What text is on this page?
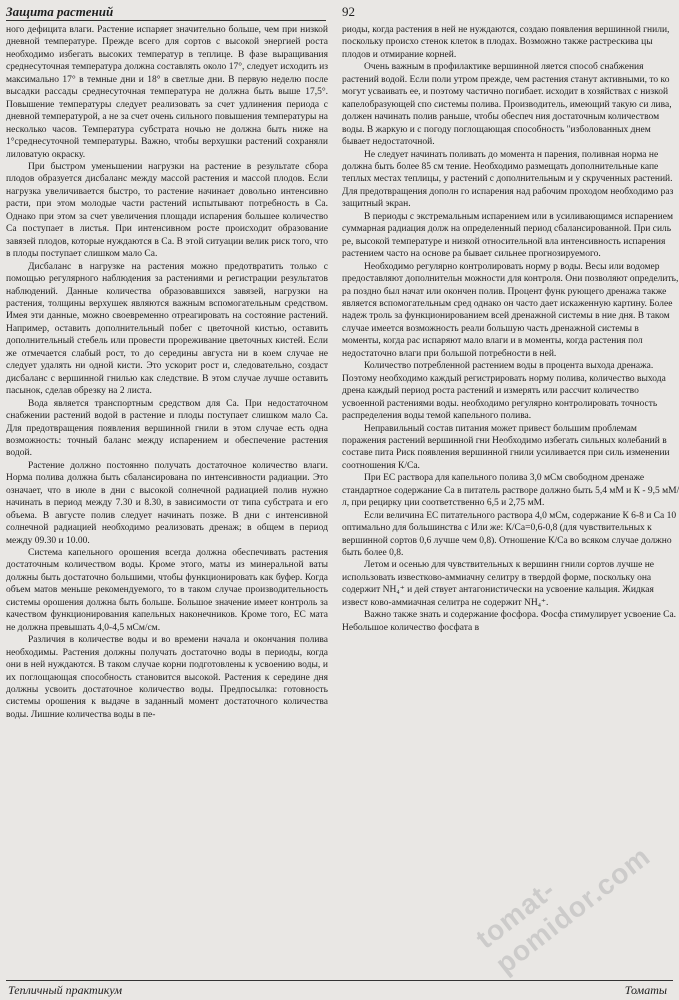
Защита растений	92

ного дефицита влаги. Растение испаряет значительно больше, чем при низкой дневной температуре. Прежде всего для сортов с высокой энергией роста необходимо избегать высоких температур в теплице. В фазе выращивания среднесуточная температура должна составлять около 17°, следует исходить из максимально 17° в темные дни и 18° в светлые дни. В первую неделю после высадки рассады среднесуточная температура не должна быть выше 17,5°. Повышение температуры следует реализовать за счет удлинения периода с дневной температурой, а не за счет очень сильного повышения температуры на несколько часов. Температура субстрата ночью не должна быть ниже на 1°среднесуточной температуры. Важно, чтобы верхушки растений сохраняли лиловатую окраску.

При быстром уменьшении нагрузки на растение в результате сбора плодов образуется дисбаланс между массой растения и массой плодов. Если нагрузка увеличивается быстро, то растение начинает довольно интенсивно расти, при этом молодые части растений испытывают потребность в Са. Однако при этом за счет увеличения площади испарения большее количество Са поступает в листья. При интенсивном росте происходит образование завязей плодов, которые нуждаются в Са. В этой ситуации велик риск того, что в плоды поступает слишком мало Са.

Дисбаланс в нагрузке на растения можно предотвратить только с помощью регулярного наблюдения за растениями и регистрации результатов наблюдений. Данные количества образовавшихся завязей, нагрузки на растения, толщины верхушек являются важным вспомогательным средством. Имея эти данные, можно своевременно отреагировать на состояние растений. Например, оставить дополнительный побег с цветочной кистью, оставить дополнительный стебель или провести прореживание цветочных кистей. Если же отмечается слабый рост, то до середины августа ни в коем случае не следует удалять ни одной кисти. Это ускорит рост и, следовательно, создаст дисбаланс с вершинной гнилью как следствие. В этом случае лучше оставить пасынок, сделав обрезку на 2 листа.

Вода является транспортным средством для Са. При недостаточном снабжении растений водой в растение и плоды поступает слишком мало Са. Для предотвращения появления вершинной гнили в этом случае есть одна возможность: точный баланс между испарением и обеспечение растения водой.

Растение должно постоянно получать достаточное количество влаги. Норма полива должна быть сбалансирована по интенсивности радиации. Это означает, что в июле в дни с высокой солнечной радиацией полив нужно начинать в период между 7.30 и 8.30, в зависимости от типа субстрата и его объема. В августе полив следует начинать позже. В дни с интенсивной солнечной радиацией необходимо реализовать дренаж; в общем в период между 09.30 и 10.00.

Система капельного орошения всегда должна обеспечивать растения достаточным количеством воды. Кроме этого, маты из минеральной ваты должны быть достаточно большими, чтобы функционировать как буфер. Когда объем матов меньше рекомендуемого, то в таком случае производительность системы орошения должна быть больше. Большое значение имеет контроль за качеством функционирования капельных наконечников. Кроме того, ЕС мата не должна превышать 4,0-4,5 мСм/см.

Различия в количестве воды и во времени начала и окончания полива необходимы. Растения должны получать достаточно воды в периоды, когда они в ней нуждаются. В таком случае корни подготовлены к усвоению воды, и их поглощающая способность становится высокой. Растения к середине дня должны усвоить достаточное количество воды. Предпосылка: готовность системы орошения к выдаче в заданный момент достаточного количества воды. Лишние количества воды в пе-

риоды, когда растения в ней не нуждаются, создаю появления вершинной гнили, поскольку происхо стенок клеток в плодах. Возможно также растрескива цы плодов и отмирание корней.

Очень важным в профилактике вершинной ляется способ снабжения растений водой. Если поли утром прежде, чем растения станут активными, то ко могут усваивать ее, и поэтому частично погибает. исходит в хозяйствах с низкой капелобразующей спо системы полива. Производитель, имеющий такую си лива, должен начинать полив раньше, чтобы обеспеч ния достаточным количеством воды. В жаркую и с погоду поглощающая способность "изболованных днем бывает недостаточной.

Не следует начинать поливать до момента н парения, поливная норма не должна быть более 85 см тение. Необходимо размещать дополнительные капе теплых местах теплицы, у растений с дополнительным и у скрученных растений. Для предотвращения дополн го испарения над рабочим проходом необходимо раз защитный экран.

В периоды с экстремальным испарением или в усиливающимся испарением суммарная радиация долж на определенный период сбалансированной. При силь ре, высокой температуре и низкой относительной вла интенсивность испарения растением часто на основе ра бывает сильнее прогнозируемого.

Необходимо регулярно контролировать норму р воды. Весы или водомер предоставляют дополнительн можности для контроля. Они позволяют определить, ра поздно был начат или окончен полив. Процент функ рующего дренажа также является вспомогательным сред однако он часто дает искаженную картину. Более надеж троль за функционированием всей дренажной системы в ние дня. В таком случае имеется возможность реали большую часть дренажной системы в моменты, когда рас испаряют мало влаги и в моменты, когда растения пол недостаточно влаги при большой потребности в ней.

Количество потребленной растением воды в процента выхода дренажа. Поэтому необходимо каждый регистрировать норму полива, количество выхода дрена каждый период роста растений и измерять или рассчит количество усвоенной растениями воды. необходимо регулярно контролировать точность распределения воды темой капельного полива.

Неправильный состав питания может привест большим проблемам поражения растений вершинной гни Необходимо избегать сильных колебаний в составе пита Риск появления вершинной гнили усиливается при силь изменении соотношения К/Са.

При ЕС раствора для капельного полива 3,0 мСм свободном дренаже стандартное содержание Са в питатель растворе должно быть 5,4 мМ и К - 9,5 мМ/л, при рецирку ции соответственно 6,5 и 2,75 мМ.

Если величина ЕС питательного раствора 4,0 мСм, содержание К 6-8 и Са 10 оптимально для большинства с Или же: К/Са=0,6-0,8 (для чувствительных к вершинной сортов 0,6 лучше чем 0,8). Отношение К/Са во всяком случае должно быть более 0,8.

Летом и осенью для чувствительных к вершинн гнили сортов лучше не использовать известково-аммиачну селитру в твердой форме, поскольку она содержит NH₄⁺ и дей ствует антагонистически на усвоение кальция. Жидкая извест ково-аммиачная селитра не содержит NH₄⁺.

Важно также знать и содержание фосфора. Фосфа стимулирует усвоение Са. Небольшое количество фосфата в

tomat-pomidor.com
Тепличный практикум	Томаты
